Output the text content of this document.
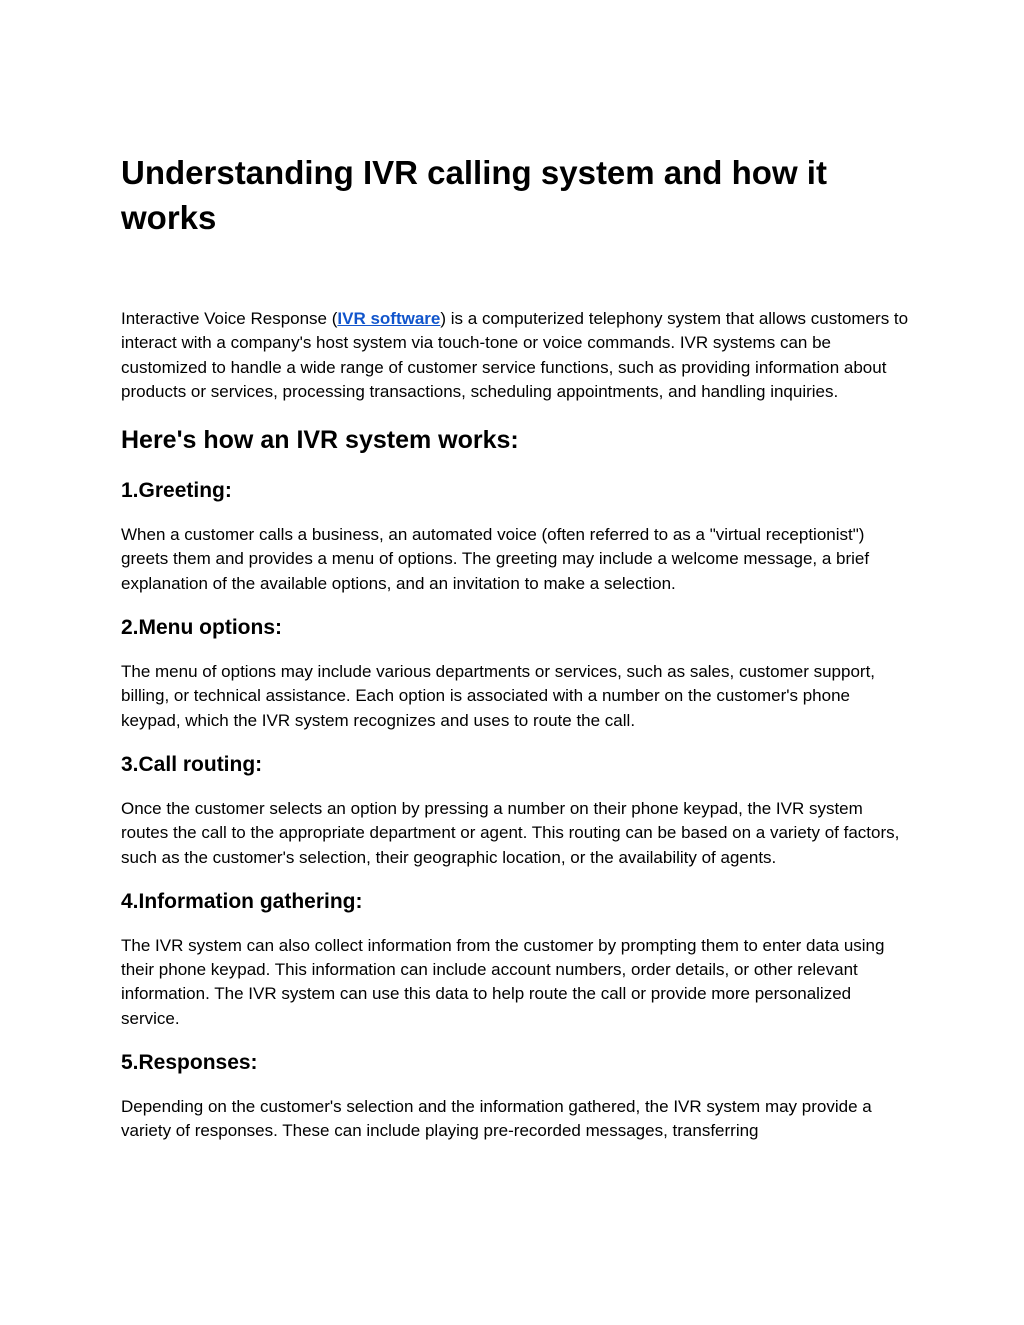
Understanding IVR calling system and how it works

Interactive Voice Response (IVR software) is a computerized telephony system that allows customers to interact with a company's host system via touch-tone or voice commands. IVR systems can be customized to handle a wide range of customer service functions, such as providing information about products or services, processing transactions, scheduling appointments, and handling inquiries.

Here's how an IVR system works:
1.Greeting:

When a customer calls a business, an automated voice (often referred to as a "virtual receptionist") greets them and provides a menu of options. The greeting may include a welcome message, a brief explanation of the available options, and an invitation to make a selection.

2.Menu options:

The menu of options may include various departments or services, such as sales, customer support, billing, or technical assistance. Each option is associated with a number on the customer's phone keypad, which the IVR system recognizes and uses to route the call.

3.Call routing:

Once the customer selects an option by pressing a number on their phone keypad, the IVR system routes the call to the appropriate department or agent. This routing can be based on a variety of factors, such as the customer's selection, their geographic location, or the availability of agents.

4.Information gathering:

The IVR system can also collect information from the customer by prompting them to enter data using their phone keypad. This information can include account numbers, order details, or other relevant information. The IVR system can use this data to help route the call or provide more personalized service.

5.Responses:

Depending on the customer's selection and the information gathered, the IVR system may provide a variety of responses. These can include playing pre-recorded messages, transferring
